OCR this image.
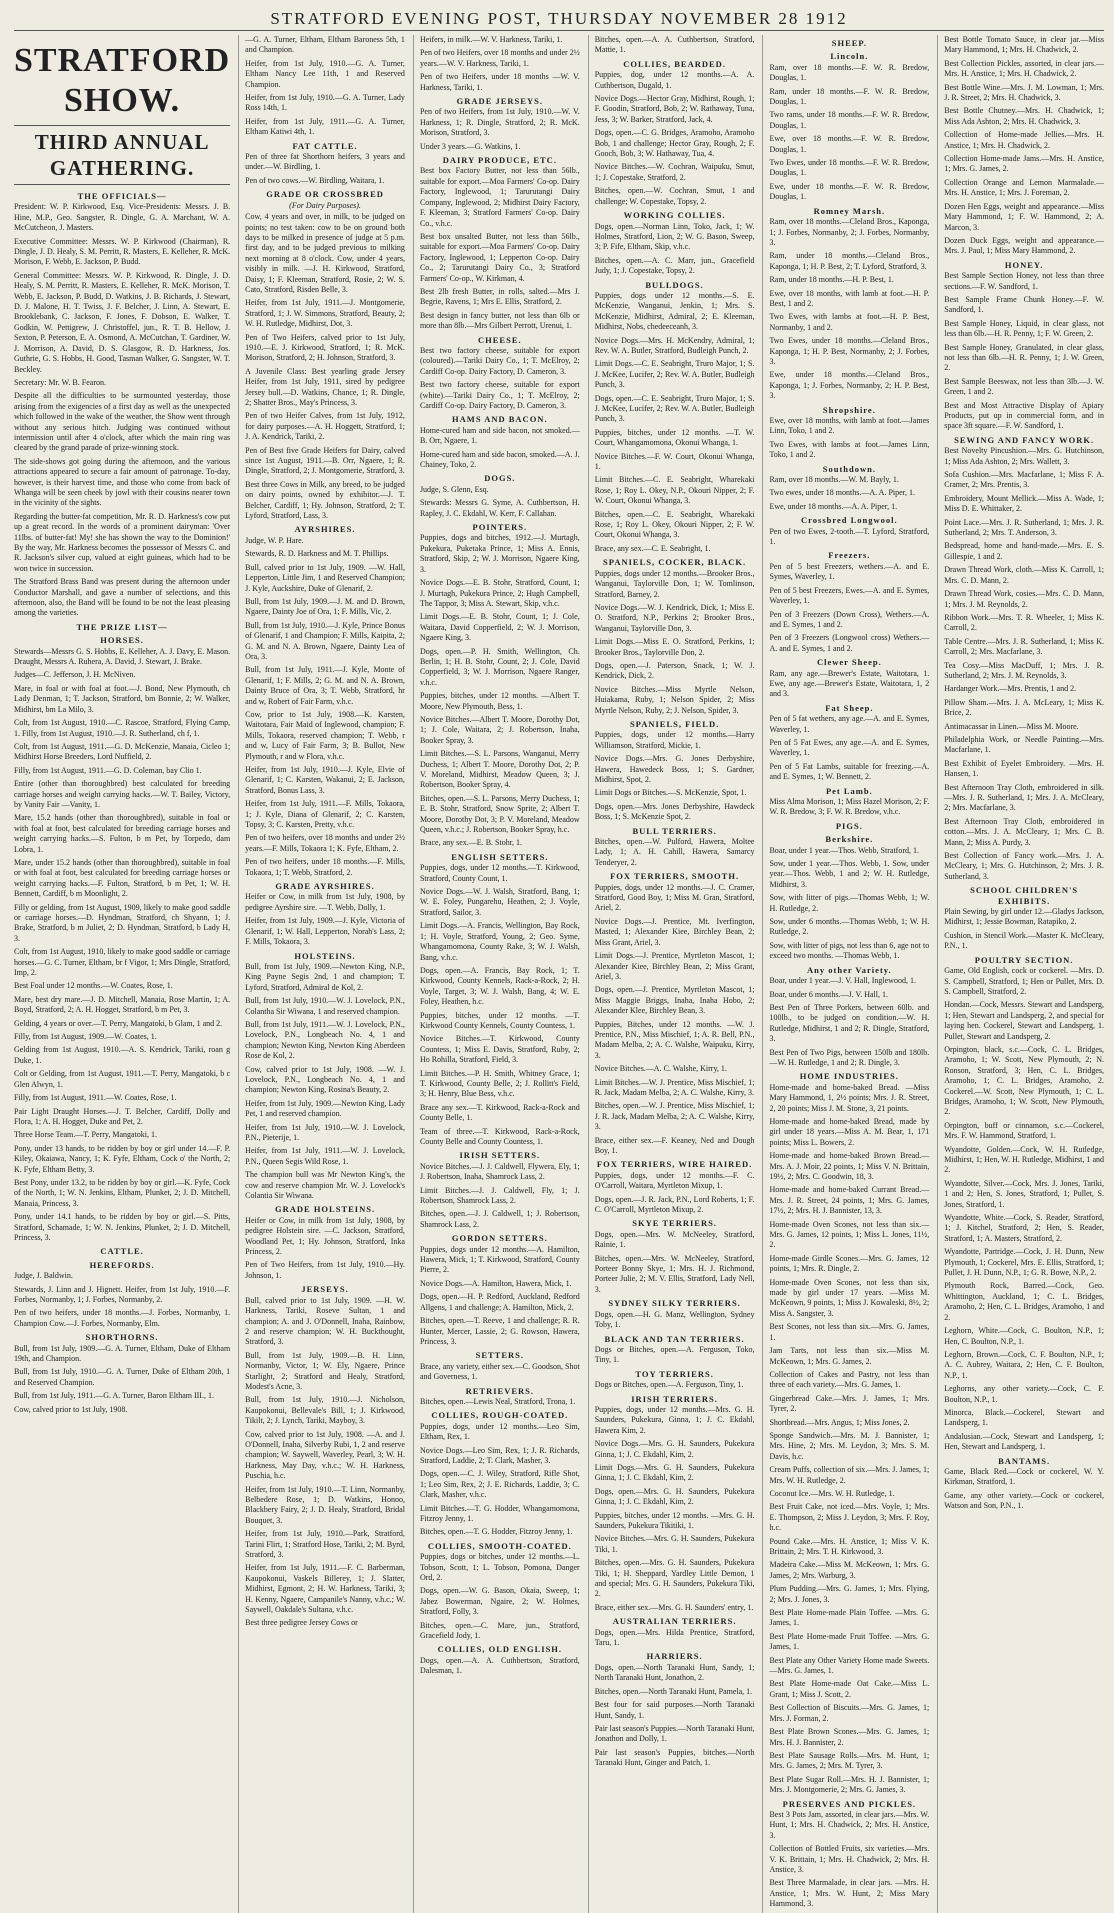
STRATFORD EVENING POST, THURSDAY NOVEMBER 28 1912
STRATFORD SHOW.
THIRD ANNUAL GATHERING.
THE OFFICIALS—
President: W. P. Kirkwood, Esq. Vice-Presidents: Messrs. J. B. Hine, M.P., Geo. Sangster, R. Dingle, G. A. Marchant, W. A. McCutcheon, J. Masters.
Executive Committee: Messrs. W. P. Kirkwood (Chairman), R. Dingle, J. D. Healy, S. M. Perritt, R. Masters, E. Kelleher, R. McK. Morison, F. Webb, E. Jackson, P. Budd.
General Committee: Messrs. W. P. Kirkwood, R. Dingle, J. D. Healy, S. M. Perritt, R. Masters, E. Kelleher, R. McK. Morison, T. Webb, E. Jackson, P. Budd, D. Watkins, J. B. Richards, J. Stewart, D. J. Malone, H. T. Twiss, J. F. Belcher, J. Linn, A. Stewart, E. Brooklebank, C. Jackson, F. Jones, F. Dobson, E. Walker, T. Godkin, W. Pettigrew, J. Christoffel, jun., R. T. B. Hellow, J. Sexton, P. Peterson, E. A. Osmond, A. McCutchan, T. Gardiner, W. J. Morrison, A. David, D. S. Glasgow, R. D. Harkness, Jos. Guthrie, G. S. Hobbs, H. Good, Tasman Walker, G. Sangster, W. T. Beckley.
Secretary: Mr. W. B. Fearon.
Despite all the difficulties to be surmounted yesterday, those arising from the exigencies of a first day as well as the unexpected which followed in the wake of the weather, the Show went through without any serious hitch. Judging was continued without intermission until after 4 o'clock, after which the main ring was cleared by the grand parade of prize-winning stock.
The side-shows got going during the afternoon, and the various attractions appeared to secure a fair amount of patronage. To-day, however, is their harvest time, and those who come from back of Whanga will be seen cheek by jowl with their cousins nearer town in the vicinity of the sights.
Regarding the butter-fat competition, Mr. R. D. Harkness's cow put up a great record. In the words of a prominent dairyman: 'Over 11lbs. of butter-fat! My! she has shown the way to the Dominion!' By the way, Mr. Harkness becomes the possessor of Messrs C. and R. Jackson's silver cup, valued at eight guineas, which had to be won twice in succession.
The Stratford Brass Band was present during the afternoon under Conductor Marshall, and gave a number of selections, and this afternoon, also, the Band will be found to be not the least pleasing among the varieties.
THE PRIZE LIST—
HORSES.
Stewards—Messrs G. S. Hobbs, E. Kelleher, A. J. Davy, E. Mason. Draught, Messrs A. Ruhera, A. David, J. Stewart, J. Brake.
Judges—C. Jefferson, J. H. McNiven.
Mare, in foal or with foal at foot.—J. Bond, New Plymouth, ch Lady Denman, 1; T. Jackson, Stratford, bm Bonnie, 2; W. Walker, Midhirst, bm La Milo, 3.
Colt, from 1st August, 1910.—C. Rascoe, Stratford, Flying Camp, 1. Filly, from 1st August, 1910.—J. R. Sutherland, ch f, 1.
Colt, from 1st August, 1911.—G. D. McKenzie, Manaia, Cicleo 1; Midhirst Horse Breeders, Lord Nuffield, 2.
Filly, from 1st August, 1911.—G. D. Coleman, bay Clio 1.
Entire (other than thoroughbred) best calculated for breeding carriage horses and weight carrying hacks.—W. T. Bailey, Victory, by Vanity Fair —Vanity, 1.
Mare, 15.2 hands (other than thoroughbred), suitable in foal or with foal at foot, best calculated for breeding carriage horses and weight carrying hacks.—S. Fulton, b m Pet, by Torpedo, dam Lobra, 1.
Mare, under 15.2 hands (other than thoroughbred), suitable in foal or with foal at foot, best calculated for breeding carriage horses or weight carrying hacks.—F. Fulton, Stratford, b m Pet, 1; W. H. Bennett, Cardiff, b m Moonlight, 2.
Filly or gelding, from 1st August, 1909, likely to make good saddle or carriage horses.—D. Hyndman, Stratford, ch Shyann, 1; J. Brake, Stratford, b m Juliet, 2; D. Hyndman, Stratford, b Lady H, 3.
Colt, from 1st August, 1910, likely to make good saddle or carriage horses.—G. C. Turner, Eltham, br f Vigor, 1; Mrs Dingle, Stratford, Imp, 2.
Best Foal under 12 months.—W. Coates, Rose, 1.
Mare, best dry mare.—J. D. Mitchell, Manaia, Rose Martin, 1; A. Boyd, Stratford, 2; A. H. Hogget, Stratford, b m Pet, 3.
Gelding, 4 years or over.—T. Perry, Mangatoki, b Glam, 1 and 2.
Filly, from 1st August, 1909.—W. Coates, 1.
Gelding from 1st August, 1910.—A. S. Kendrick, Tariki, roan g Duke, 1.
Colt or Gelding, from 1st August, 1911.—T. Perry, Mangatoki, b c Glen Alwyn, 1.
Filly, from 1st August, 1911.—W. Coates, Rose, 1.
Pair Light Draught Horses.—J. T. Belcher, Cardiff, Dolly and Flora, 1; A. H. Hogget, Duke and Pet, 2.
Three Horse Team.—T. Perry, Mangatoki, 1.
Pony, under 13 hands, to be ridden by boy or girl under 14.—F. P. Kiley, Okaiawa, Nancy, 1; K. Fyfe, Eltham, Cock o' the North, 2; K. Fyfe, Eltham Betty, 3.
Best Pony, under 13.2, to be ridden by boy or girl.—K. Fyfe, Cock of the North, 1; W. N. Jenkins, Eltham, Plunket, 2; J. D. Mitchell, Manaia, Princess, 3.
Pony, under 14.1 hands, to be ridden by boy or girl.—S. Pitts, Stratford, Schamade, 1; W. N. Jenkins, Plunket, 2; J. D. Mitchell, Princess, 3.
CATTLE.
HEREFORDS.
Judge, J. Baldwin.
Stewards, J. Linn and J. Hignett. Heifer, from 1st July, 1910.—F. Forbes, Normanby, 1; J. Forbes, Normanby, 2.
Pen of two heifers, under 18 months.—J. Forbes, Normanby, 1. Champion Cow.—J. Forbes, Normanby, Elm.
SHORTHORNS.
Bull, from 1st July, 1909.—G. A. Turner, Eltham, Duke of Eltham 19th, and Champion.
Bull, from 1st July, 1910.—G. A. Turner, Duke of Eltham 20th, 1 and Reserved Champion.
Bull, from 1st July, 1911.—G. A. Turner, Baron Eltham III., 1.
Cow, calved prior to 1st July, 1908.
—G. A. Turner, Eltham, Eltham Baroness 5th, 1 and Champion.
Heifer, from 1st July, 1910.—G. A. Turner, Eltham Nancy Lee 11th, 1 and Reserved Champion.
Heifer, from 1st July, 1910.—G. A. Turner, Lady Ross 14th, 1.
Heifer, from 1st July, 1911.—G. A. Turner, Eltham Katiwi 4th, 1.
FAT CATTLE.
Pen of three fat Shorthorn heifers, 3 years and under.—W. Birdling, 1.
Pen of two cows.—W. Birdling, Waitara, 1.
GRADE OR CROSSBRED
(For Dairy Purposes).
Cow, 4 years and over, in milk, to be judged on points; no test taken: cow to be on ground both days to be milked in presence of judge at 5 p.m. first day, and to be judged previous to milking next morning at 8 o'clock. Cow, under 4 years, visibly in milk. —J. H. Kirkwood, Stratford, Daisy, 1; F. Kleeman, Stratford, Rosie, 2; W. S. Cato, Stratford, Risden Belle, 3.
Heifer, from 1st July, 1911.—J. Montgomerie, Stratford, 1; J. W. Simmons, Stratford, Beauty, 2; W. H. Rutledge, Midhirst, Dot, 3.
Pen of Two Heifers, calved prior to 1st July, 1910.—E. J. Kirkwood, Stratford, 1; R. McK. Morison, Stratford, 2; H. Johnson, Stratford, 3.
A Juvenile Class: Best yearling grade Jersey Heifer, from 1st July, 1911, sired by pedigree Jersey bull.—D. Watkins, Chance, 1; R. Dingle, 2; Shatter Bros., May's Princess, 3.
Pen of two Heifer Calves, from 1st July, 1912, for dairy purposes.—A. H. Hoggett, Stratford, 1; J. A. Kendrick, Tariki, 2.
Pen of Best five Grade Heifers for Dairy, calved since 1st August, 1911.—B. Orr, Ngaere, 1; R. Dingle, Stratford, 2; J. Montgomerie, Stratford, 3.
Best three Cows in Milk, any breed, to be judged on dairy points, owned by exhibitor.—J. T. Belcher, Cardiff, 1; Hy. Johnson, Stratford, 2; T. Lyford, Stratford, Lass, 3.
AYRSHIRES.
Judge, W. P. Hare.
Stewards, R. D. Harkness and M. T. Phillips.
Bull, calved prior to 1st July, 1909. —W. Hall, Lepperton, Little Jim, 1 and Reserved Champion; J. Kyle, Auckshire, Duke of Glenarif, 2.
Bull, from 1st July, 1909.—J. M. and D. Brown, Ngaere, Dainty Joe of Ora, 1; F. Mills, Vic, 2.
Bull, from 1st July, 1910.—J. Kyle, Prince Bonus of Glenarif, 1 and Champion; F. Mills, Kaipita, 2; G. M. and N. A. Brown, Ngaere, Dainty Lea of Ora, 3.
Bull, from 1st July, 1911.—J. Kyle, Monte of Glenarif, 1; F. Mills, 2; G. M. and N. A. Brown, Dainty Bruce of Ora, 3; T. Webb, Stratford, hr and w, Robert of Fair Farm, v.h.c.
Cow, prior to 1st July, 1908.—K. Karsten, Waitotara, Fair Maid of Inglewood, champion; F. Mills, Tokaora, reserved champion; T. Webb, r and w, Lucy of Fair Farm, 3; B. Bullot, New Plymouth, r and w Flora, v.h.c.
Heifer, from 1st July, 1910.—J. Kyle, Elvie of Glenarif, 1; C. Karsten, Wakanui, 2; E. Jackson, Stratford, Bonus Lass, 3.
Heifer, from 1st July, 1911.—F. Mills, Tokaora, 1; J. Kyle, Diana of Glenarif, 2; C. Karsten, Topsy, 3; C. Karsten, Pretty, v.h.c.
Pen of two heifers, over 18 months and under 2½ years.—F. Mills, Tokaora 1; K. Fyfe, Eltham, 2.
Pen of two heifers, under 18 months.—F. Mills, Tokaora, 1; T. Webb, Stratford, 2.
GRADE AYRSHIRES.
Heifer or Cow, in milk from 1st July, 1908, by pedigree Ayrshire sire. —T. Webb, Dolly, 1.
Heifer, from 1st July, 1909.—J. Kyle, Victoria of Glenarif, 1; W. Hall, Lepperton, Norah's Lass, 2; F. Mills, Tokaora, 3.
HOLSTEINS.
Bull, from 1st July, 1909.—Newton King, N.P., King Payne Segis 2nd, 1 and champion; T. Lyford, Stratford, Admiral de Kol, 2.
Bull, from 1st July, 1910.—W. J. Lovelock, P.N., Colantha Sir Wiwana, 1 and reserved champion.
Bull, from 1st July, 1911.—W. J. Lovelock, P.N., Lovelock, P.N., Longbeach No. 4, 1 and champion; Newton King, Newton King Aberdeen Rose de Kol, 2.
Cow, calved prior to 1st July, 1908. —W. J. Lovelock, P.N., Longbeach No. 4, 1 and champion; Newton King, Rosina's Beauty, 2.
Heifer, from 1st July, 1909.—Newton King, Lady Pet, 1 and reserved champion.
Heifer, from 1st July, 1910.—W. J. Lovelock, P.N., Pieterije, 1.
Heifer, from 1st July, 1911.—W. J. Lovelock, P.N., Queen Segis Wild Rose, 1.
The champion bull was Mr Newton King's, the cow and reserve champion Mr. W. J. Lovelock's Colantia Sir Wiwana.
GRADE HOLSTEINS.
Heifer or Cow, in milk from 1st July, 1908, by pedigree Holstein sire. —C. Jackson, Stratford, Woodland Pet, 1; Hy. Johnson, Stratford, Inka Princess, 2.
Pen of Two Heifers, from 1st July, 1910.—Hy. Johnson, 1.
JERSEYS.
Bull, calved prior to 1st July, 1909. —H. W. Harkness, Tariki, Roseve Sultan, 1 and champion; A. and J. O'Donnell, Inaha, Rainbow, 2 and reserve champion; W. H. Buckthought, Stratford, 3.
Bull, from 1st July, 1909.—B. H. Linn, Normanby, Victor, 1; W. Ely, Ngaere, Prince Starlight, 2; Stratford and Healy, Stratford, Modest's Acne, 3.
Bull, from 1st July, 1910.—J. Nicholson, Kaupokonui, Bellevale's Bill, 1; J. Kirkwood, Tikilt, 2; J. Lynch, Tariki, Mayboy, 3.
Cow, calved prior to 1st July, 1908. —A. and J. O'Donnell, Inaha, Silverby Rubi, 1, 2 and reserve champion; W. Saywell, Waverley, Pearl, 3; W. H. Harkness, May Day, v.h.c.; W. H. Harkness, Puschia, h.c.
Heifer, from 1st July, 1910.—T. Linn, Normanby, Belbedere Rose, 1; D. Watkins, Honoo, Blackbery Fairy, 2; J. D. Healy, Stratford, Bridal Bouquet, 3.
Heifer, from 1st July, 1910.—Park, Stratford, Tarini Flirt, 1; Stratford Hose, Tariki, 2; M. Byrd, Stratford, 3.
Heifer, from 1st July, 1911.—F. C. Barberman, Kaupokonui, Vaskels Billerey, 1; J. Slatter, Midhirst, Egmont, 2; H. W. Harkness, Tariki, 3; H. Kenny, Ngaere, Campanile's Nanny, v.h.c.; W. Saywell, Oakdale's Sultana, v.h.c.
Best three pedigree Jersey Cows or
Heifers, in milk.—W. V. Harkness, Tariki, 1.
Pen of two Heifers, over 18 months and under 2½ years.—W. V. Harkness, Tariki, 1.
Pen of two Heifers, under 18 months —W. V. Harkness, Tariki, 1.
GRADE JERSEYS.
Pen of two Heifers, from 1st July, 1910.—W. V. Harkness, 1; R. Dingle, Stratford, 2; R. McK. Morison, Stratford, 3.
Under 3 years.—G. Watkins, 1.
DAIRY PRODUCE, ETC.
Best box Factory Butter, not less than 56lb., suitable for export.—Moa Farmers' Co-op. Dairy Factory, Inglewood, 1; Tarurutangi Dairy Company, Inglewood, 2; Midhirst Dairy Factory, F. Kleeman, 3; Stratford Farmers' Co-op. Dairy Co., v.h.c.
Best box unsalted Butter, not less than 56lb., suitable for export.—Moa Farmers' Co-op. Dairy Factory, Inglewood, 1; Lepperton Co-op. Dairy Co., 2; Tarurutangi Dairy Co., 3; Stratford Farmers' Co-op., W. Kirkman, 4.
Best 2lb fresh Butter, in rolls, salted.—Mrs J. Begrie, Ravens, 1; Mrs E. Ellis, Stratford, 2.
Best design in fancy butter, not less than 6lb or more than 8lb.—Mrs Gilbert Perrott, Urenui, 1.
CHEESE.
Best two factory cheese, suitable for export (coloured).—Tariki Dairy Co., 1; T. McElroy, 2; Cardiff Co-op. Dairy Factory, D. Cameron, 3.
Best two factory cheese, suitable for export (white).—Tariki Dairy Co., 1; T. McElroy, 2; Cardiff Co-op. Dairy Factory, D. Cameron, 3.
HAMS AND BACON.
Home-cured ham and side bacon, not smoked.—B. Orr, Ngaere, 1.
Home-cured ham and side bacon, smoked.—A. J. Chainey, Toko, 2.
DOGS.
Judge, S. Glenn, Esq.
Stewards: Messrs G. Syme, A. Cuthbertson, H. Rapley, J. C. Ekdahl, W. Kerr, F. Callahan.
POINTERS.
Puppies, dogs and bitches, 1912.—J. Murtagh, Pukekura, Puketaka Prince, 1; Miss A. Ennis, Stratford, Skip, 2; W. J. Morrison, Ngaere King, 3.
Novice Dogs.—E. B. Stohr, Stratford, Count, 1; J. Murtagh, Pukekura Prince, 2; Hugh Campbell, The Tappor, 3; Miss A. Stewart, Skip, v.h.c.
Limit Dogs.—E. B. Stohr, Count, 1; J. Cole, Waitara, David Copperfield, 2; W. J. Morrison, Ngaere King, 3.
Dogs, open.—P. H. Smith, Wellington, Ch. Berlin, 1; H. B. Stohr, Count, 2; J. Cole, David Copperfield, 3; W. J. Morrison, Ngaere Ranger, v.h.c.
Puppies, bitches, under 12 months. —Albert T. Moore, New Plymouth, Bess, 1.
Novice Bitches.—Albert T. Moore, Dorothy Dot, 1; J. Cole, Waitara, 2; J. Robertson, Inaha, Booker Spray, 3.
Limit Bitches.—S. L. Parsons, Wanganui, Merry Duchess, 1; Albert T. Moore, Dorothy Dot, 2; P. V. Moreland, Midhirst, Meadow Queen, 3; J. Robertson, Booker Spray, 4.
Bitches, open.—S. L. Parsons, Merry Duchess, 1; E. B. Stohr, Stratford, Snow Sprite, 2; Albert T. Moore, Dorothy Dot, 3; P. V. Moreland, Meadow Queen, v.h.c.; J. Robertson, Booker Spray, h.c.
Brace, any sex.—E. B. Stohr, 1.
ENGLISH SETTERS.
Puppies, dogs, under 12 months.—T. Kirkwood, Stratford, County Count, 1.
Novice Dogs.—W. J. Walsh, Stratford, Bang, 1; W. E. Foley, Pungarehu, Heathen, 2; J. Voyle, Stratford, Sailor, 3.
Limit Dogs.—A. Francis, Wellington, Bay Rock, 1; H. Voyle, Stratford, Young, 2; Geo. Syme, Whangamomona, County Rake, 3; W. J. Walsh, Bang, v.h.c.
Dogs, open.—A. Francis, Bay Rock, 1; T. Kirkwood, County Kennels, Rack-a-Rock, 2; H. Voyle, Target, 3; W. J. Walsh, Bang, 4; W. E. Foley, Heathen, h.c.
Puppies, bitches, under 12 months. —T. Kirkwood County Kennels, County Countess, 1.
Novice Bitches.—T. Kirkwood, County Countess, 1; Miss E. Davis, Stratford, Ruby, 2; Ho Rohilla, Stratford, Field, 3.
Limit Bitches.—P. H. Smith, Whitney Grace, 1; T. Kirkwood, County Belle, 2; J. Rollitt's Field, 3; H. Henry, Blue Bess, v.h.c.
Brace any sex.—T. Kirkwood, Rack-a-Rock and County Belle, 1.
Team of three.—T. Kirkwood, Rack-a-Rock, County Belle and County Countess, 1.
IRISH SETTERS.
Novice Bitches.—J. J. Caldwell, Flywera, Ely, 1; J. Robertson, Inaha, Shamrock Lass, 2.
Limit Bitches.—J. J. Caldwell, Fly, 1; J. Robertson, Shamrock Lass, 2.
Bitches, open.—J. J. Caldwell, 1; J. Robertson, Shamrock Lass, 2.
GORDON SETTERS.
Puppies, dogs under 12 months.—A. Hamilton, Hawera, Mick, 1; T. Kirkwood, Stratford, County Pierre, 2.
Novice Dogs.—A. Hamilton, Hawera, Mick, 1.
Dogs, open.—H. P. Redford, Auckland, Redford Allgens, 1 and challenge; A. Hamilton, Mick, 2.
Bitches, open.—T. Reeve, 1 and challenge; R. R. Hunter, Mercer, Lassie, 2; G. Rowson, Hawera, Princess, 3.
SETTERS.
Brace, any variety, either sex.—C. Goodson, Shot and Governess, 1.
RETRIEVERS.
Bitches, open.—Lewis Neal, Stratford, Trona, 1.
COLLIES, ROUGH-COATED.
Puppies, dogs, under 12 months.—Leo Sim, Eltham, Rex, 1.
Novice Dogs.—Leo Sim, Rex, 1; J. R. Richards, Stratford, Laddie, 2; T. Clark, Masher, 3.
Dogs, open.—C. J. Wiley, Stratford, Rifle Shot, 1; Leo Sim, Rex, 2; J. E. Richards, Laddie, 3; C. Clark, Masher, v.h.c.
Limit Bitches.—T. G. Hodder, Whangamomona, Fitzroy Jenny, 1.
Bitches, open.—T. G. Hodder, Fitzroy Jenny, 1.
COLLIES, SMOOTH-COATED.
Puppies, dogs or bitches, under 12 months.—L. Tobson, Scott, 1; L. Tobson, Pomona, Danger Ord, 2.
Dogs, open.—W. G. Bason, Okaia, Sweep, 1; Jabez Bowerman, Ngaire, 2; W. Holmes, Stratford, Folly, 3.
Bitches, open.—C. Mare, jun., Stratford, Gracefield Jody, 1.
COLLIES, OLD ENGLISH.
Dogs, open.—A. A. Cuthbertson, Stratford, Dalesman, 1.
Bitches, open.—A. A. Cuthbertson, Stratford, Mattie, 1.
COLLIES, BEARDED.
Puppies, dog, under 12 months.—A. A. Cuthbertson, Dugald, 1.
Novice Dogs.—Hector Gray, Midhirst, Rough, 1; F. Goodin, Stratford, Bob, 2; W. Rathaway, Tuna, Jess, 3; W. Barker, Stratford, Jack, 4.
Dogs, open.—C. G. Bridges, Aramoho, Aramoho Bob, 1 and challenge; Hector Gray, Rough, 2; F. Gooch, Bob, 3; W. Hathaway, Tua, 4.
Novice Bitches.—W. Cochran, Waipuku, Smut, 1; J. Copestake, Stratford, 2.
Bitches, open.—W. Cochran, Smut, 1 and challenge; W. Copestake, Topsy, 2.
WORKING COLLIES.
Dogs, open.—Norman Linn, Toko, Jack, 1; W. Holmes, Stratford, Lion, 2; W. G. Bason, Sweep, 3; P. Fife, Eltham, Skip, v.h.c.
Bitches, open.—A. C. Marr, jun., Gracefield Judy, 1; J. Copestake, Topsy, 2.
BULLDOGS.
Puppies, dogs under 12 months.—S. E. McKenzie, Wanganui, Jenkin, 1; Mrs. S. McKenzie, Midhirst, Admiral, 2; E. Kleeman, Midhirst, Nobs, chedeeceanh, 3.
Novice Dogs.—Mrs. H. McKendry, Admiral, 1; Rev. W. A. Butler, Stratford, Budleigh Punch, 2.
Limit Dogs.—C. E. Seabright, Truro Major, 1; S. J. McKee, Lucifer, 2; Rev. W. A. Butler, Budleigh Punch, 3.
Dogs, open.—C. E. Seabright, Truro Major, 1; S. J. McKee, Lucifer, 2; Rev. W. A. Butler, Budleigh Punch, 3.
Puppies, bitches, under 12 months. —T. W. Court, Whangamomona, Okonui Whanga, 1.
Novice Bitches.—F. W. Court, Okonui Whanga, 1.
Limit Bitches.—C. E. Seabright, Wharekaki Rose, 1; Roy L. Okey, N.P., Okouri Nipper, 2; F. W. Court, Okonui Whanga, 3.
Bitches, open.—C. E. Seabright, Wharekaki Rose, 1; Roy L. Okey, Okouri Nipper, 2; F. W. Court, Okonui Whanga, 3.
Brace, any sex.—C. E. Seabright, 1.
SPANIELS, COCKER, BLACK.
Puppies, dogs under 12 months.—Brooker Bros., Wanganui, Taylorville Don, 1; W. Tomlinson, Stratford, Barney, 2.
Novice Dogs.—W. J. Kendrick, Dick, 1; Miss E. O. Stratford, N.P., Perkins 2; Brooker Bros., Wanganui, Taylorville Don, 3.
Limit Dogs.—Miss E. O. Stratford, Perkins, 1; Brooker Bros., Taylorville Don, 2.
Dogs, open.—J. Paterson, Snack, 1; W. J. Kendrick, Dick, 2.
Novice Bitches.—Miss Myrtle Nelson, Huiakama, Ruby, 1; Nelson Spider, 2; Miss Myrtle Nelson, Ruby, 2; J. Nelson, Spider, 3.
SPANIELS, FIELD.
Puppies, dogs, under 12 months.—Harry Williamson, Stratford, Mickie, 1.
Novice Dogs.—Mrs. G. Jones Derbyshire, Hawera, Hawedeck Boss, 1; S. Gardner, Midhirst, Spot, 2.
Limit Dogs or Bitches.—S. McKenzie, Spot, 1.
Dogs, open.—Mrs. Jones Derbyshire, Hawdeck Boss, 1; S. McKenzie Spot, 2.
BULL TERRIERS.
Bitches, open.—W. Pulford, Hawera, Moltee Lady, 1; A. H. Cahill, Hawera, Samarcy Tenderyer, 2.
FOX TERRIERS, SMOOTH.
Puppies, dogs, under 12 months.—J. C. Cramer, Stratford, Good Boy, 1; Miss M. Gran, Stratford, Ariel, 2.
Novice Dogs.—J. Prentice, Mt. Iverfington, Masted, 1; Alexander Kiee, Birchley Bean, 2; Miss Grant, Ariel, 3.
Limit Dogs.—J. Prentice, Myrtleton Mascot, 1; Alexander Kiee, Birchley Bean, 2; Miss Grant, Ariel, 3.
Dogs, open.—J. Prentice, Myrtleton Mascot, 1; Miss Maggie Briggs, Inaha, Inaha Hobo, 2; Alexander Klee, Birchley Bean, 3.
Puppies, Bitches, under 12 months. —W. J. Prentice, P.N., Miss Mischief, 1; A. R. Bell, P.N., Madam Melba, 2; A. C. Walshe, Waipuku, Kirry, 3.
Novice Bitches.—A. C. Walshe, Kirry, 1.
Limit Bitches.—W. J. Prentice, Miss Mischief, 1; R. Jack, Madam Melba, 2; A. C. Walshe, Kirry, 3.
Bitches, open.—W. J. Prentice, Miss Mischief, 1; J. R. Jack, Madam Melba, 2; A. C. Walshe, Kirry, 3.
Brace, either sex.—F. Keaney, Ned and Dough Boy, 1.
FOX TERRIERS, WIRE HAIRED.
Puppies, dogs, under 12 months.—F. C. O'Carroll, Waitara, Myrtleton Mixup, 1.
Dogs, open.—J. R. Jack, P.N., Lord Roberts, 1; F. C. O'Carroll, Myrtleton Mixup, 2.
SKYE TERRIERS.
Dogs, open.—Mrs. W. McNeeley, Stratford, Rainie, 1.
Bitches, open.—Mrs. W. McNeeley, Stratford, Porteer Bonny Skye, 1; Mrs. H. J. Richmond, Porteer Julie, 2; M. V. Ellis, Stratford, Lady Nell, 3.
SYDNEY SILKY TERRIERS.
Dogs, open.—H. G. Manz, Wellington, Sydney Toby, 1.
BLACK AND TAN TERRIERS.
Dogs or Bitches, open.—A. Ferguson, Toko, Tiny, 1.
TOY TERRIERS.
Dogs or Bitches, open.—A. Ferguson, Tiny, 1.
IRISH TERRIERS.
Puppies, dogs, under 12 months.—Mrs. G. H. Saunders, Pukekura, Ginna, 1; J. C. Ekdahl, Hawera Kim, 2.
Novice Dogs.—Mrs. G. H. Saunders, Pukekura Ginna, 1; J. C. Ekdahl, Kim, 2.
Limit Dogs.—Mrs. G. H. Saunders, Pukekura Ginna, 1; J. C. Ekdahl, Kim, 2.
Dogs, open.—Mrs. G. H. Saunders, Pukekura Ginna, 1; J. C. Ekdahl, Kim, 2.
Puppies, bitches, under 12 months. —Mrs. G. H. Saunders, Pukekura Tikitiki, 1.
Novice Bitches.—Mrs. G. H. Saunders, Pukekura Tiki, 1.
Bitches, open.—Mrs. G. H. Saunders, Pukekura Tiki, 1; H. Sheppard, Yardley Little Demon, 1 and special; Mrs. G. H. Saunders, Pukekura Tiki, 2.
Brace, either sex.—Mrs. G. H. Saunders' entry, 1.
AUSTRALIAN TERRIERS.
Dogs, open.—Mrs. Hilda Prentice, Stratford, Taru, 1.
HARRIERS.
Dogs, open.—North Taranaki Hunt, Sandy, 1; North Taranaki Hunt, Jonathon, 2.
Bitches, open.—North Taranaki Hunt, Pamela, 1.
Best four for said purposes.—North Taranaki Hunt, Sandy, 1.
Pair last season's Puppies.—North Taranaki Hunt, Jonathon and Dolly, 1.
Pair last season's Puppies, bitches.—North Taranaki Hunt, Ginger and Patch, 1.
SHEEP.
Lincoln.
Ram, over 18 months.—F. W. R. Bredow, Douglas, 1.
Ram, under 18 months.—F. W. R. Bredow, Douglas, 1.
Two rams, under 18 months.—F. W. R. Bredow, Douglas, 1.
Ewe, over 18 months.—F. W. R. Bredow, Douglas, 1.
Two Ewes, under 18 months.—F. W. R. Bredow, Douglas, 1.
Ewe, under 18 months.—F. W. R. Bredow, Douglas, 1.
Romney Marsh.
Ram, over 18 months.—Cleland Bros., Kaponga, 1; J. Forbes, Normanby, 2; J. Forbes, Normanby, 3.
Ram, under 18 months.—Cleland Bros., Kaponga, 1; H. P. Best, 2; T. Lyford, Stratford, 3.
Ram, under 18 months.—H. P. Best, 1.
Ewe, over 18 months, with lamb at foot.—H. P. Best, 1 and 2.
Two Ewes, with lambs at foot.—H. P. Best, Normanby, 1 and 2.
Two Ewes, under 18 months.—Cleland Bros., Kaponga, 1; H. P. Best, Normanby, 2; J. Forbes, 3.
Ewe, under 18 months.—Cleland Bros., Kaponga, 1; J. Forbes, Normanby, 2; H. P. Best, 3.
Shropshire.
Ewe, over 18 months, with lamb at foot.—James Linn, Toko, 1 and 2.
Two Ewes, with lambs at foot.—James Linn, Toko, 1 and 2.
Southdown.
Ram, over 18 months.—W. M. Bayly, 1.
Two ewes, under 18 months.—A. A. Piper, 1.
Ewe, under 18 months.—A. A. Piper, 1.
Crossbred Longwool.
Pen of two Ewes, 2-tooth.—T. Lyford, Stratford, 1.
Freezers.
Pen of 5 best Freezers, wethers.—A. and E. Symes, Waverley, 1.
Pen of 5 best Freezers, Ewes.—A. and E. Symes, Waverley, 1.
Pen of 3 Freezers (Down Cross), Wethers.—A. and E. Symes, 1 and 2.
Pen of 3 Freezers (Longwool cross) Wethers.—A. and E. Symes, 1 and 2.
Clewer Sheep.
Ram, any age.—Brewer's Estate, Waitotara, 1. Ewe, any age.—Brewer's Estate, Waitotara, 1, 2 and 3.
Fat Sheep.
Pen of 5 fat wethers, any age.—A. and E. Symes, Waverley, 1.
Pen of 5 Fat Ewes, any age.—A. and E. Symes, Waverley, 1.
Pen of 5 Fat Lambs, suitable for freezing.—A. and E. Symes, 1; W. Bennett, 2.
Pet Lamb.
Miss Alma Morison, 1; Miss Hazel Morison, 2; F. W. R. Bredow, 3; F. W. R. Bredow, v.h.c.
PIGS.
Berkshire.
Boar, under 1 year.—Thos. Webb, Stratford, 1.
Sow, under 1 year.—Thos. Webb, 1. Sow, under year.—Thos. Webb, 1 and 2; W. H. Rutledge, Midhirst, 3.
Sow, with litter of pigs.—Thomas Webb, 1; W. H. Rutledge, 2.
Sow, under 6 months.—Thomas Webb, 1; W. H. Rutledge, 2.
Sow, with litter of pigs, not less than 6, age not to exceed two months. —Thomas Webb, 1.
Any other Variety.
Boar, under 1 year.—J. V. Hall, Inglewood, 1.
Boar, under 6 months.—J. V. Hall, 1.
Best Pen of Three Porkers, between 60lb. and 100lb., to be judged on condition.—W. H. Rutledge, Midhirst, 1 and 2; R. Dingle, Stratford, 3.
Best Pen of Two Pigs, between 150lb and 180lb.—W. H. Rutledge, 1 and 2; R. Dingle, 3.
HOME INDUSTRIES.
Home-made and home-baked Bread. —Miss Mary Hammond, 1, 2½ points; Mrs. J. R. Street, 2, 20 points; Miss J. M. Stone, 3, 21 points.
Home-made and home-baked Bread, made by girl under 18 years.—Miss A. M. Bear, 1, 171 points; Miss L. Bowers, 2.
Home-made and home-baked Brown Bread.—Mrs. A. J. Moir, 22 points, 1; Miss V. N. Brittain, 19½, 2; Mrs. C. Goodwin, 18, 3.
Home-made and home-baked Currant Bread.—Mrs. J. R. Street, 24 points, 1; Mrs. G. James, 17½, 2; Mrs. H. J. Bannister, 13, 3.
Home-made Oven Scones, not less than six.—Mrs. G. James, 12 points, 1; Miss L. Jones, 11½, 2.
Home-made Girdle Scones.—Mrs. G. James, 12 points, 1; Mrs. R. Dingle, 2.
Home-made Oven Scones, not less than six, made by girl under 17 years. —Miss M. McKeown, 9 points, 1; Miss J. Kowaleski, 8½, 2; Miss A. Sangster, 3.
Best Scones, not less than six.—Mrs. G. James, 1.
Jam Tarts, not less than six.—Miss M. McKeown, 1; Mrs. G. James, 2.
Collection of Cakes and Pastry, not less than three of each variety.—Mrs. G. James, 1.
Gingerbread Cake.—Mrs. J. James, 1; Mrs. Tyrer, 2.
Shortbread.—Mrs. Angus, 1; Miss Jones, 2.
Sponge Sandwich.—Mrs. M. J. Bannister, 1; Mrs. Hine, 2; Mrs. M. Leydon, 3; Mrs. S. M. Davis, h.c.
Cream Puffs, collection of six.—Mrs. J. James, 1; Mrs. W. H. Rutledge, 2.
Coconut Ice.—Mrs. W. H. Rutledge, 1.
Best Fruit Cake, not iced.—Mrs. Voyle, 1; Mrs. E. Thompson, 2; Miss J. Leydon, 3; Mrs. F. Roy, h.c.
Pound Cake.—Mrs. H. Anstice, 1; Miss V. K. Brittain, 2; Mrs. T. H. Kirkwood, 3.
Madeira Cake.—Miss M. McKeown, 1; Mrs. G. James, 2; Mrs. Warburg, 3.
Plum Pudding.—Mrs. G. James, 1; Mrs. Flying, 2; Mrs. J. Jones, 3.
Best Plate Home-made Plain Toffee. —Mrs. G. James, 1.
Best Plate Home-made Fruit Toffee. —Mrs. G. James, 1.
Best Plate any Other Variety Home made Sweets.—Mrs. G. James, 1.
Best Plate Home-made Oat Cake.—Miss L. Grant, 1; Miss J. Scott, 2.
Best Collection of Biscuits.—Mrs. G. James, 1; Mrs. J. Forman, 2.
Best Plate Brown Scones.—Mrs. G. James, 1; Mrs. H. J. Bannister, 2.
Best Plate Sausage Rolls.—Mrs. M. Hunt, 1; Mrs. G. James, 2; Mrs. M. Tyrer, 3.
Best Plate Sugar Roll.—Mrs. H. J. Bannister, 1; Mrs. J. Montgomerie, 2; Mrs. G. James, 3.
PRESERVES AND PICKLES.
Best 3 Pots Jam, assorted, in clear jars.—Mrs. W. Hunt, 1; Mrs. H. Chadwick, 2; Mrs. H. Anstice, 3.
Collection of Bottled Fruits, six varieties.—Mrs. V. K. Brittain, 1; Mrs. H. Chadwick, 2; Mrs. H. Anstice, 3.
Best Three Marmalade, in clear jars. —Mrs. H. Anstice, 1; Mrs. W. Hunt, 2; Miss Mary Hammond, 3.
Best Bottle Tomato Sauce, in clear jar.—Miss Mary Hammond, 1; Mrs. H. Chadwick, 2.
Best Collection Pickles, assorted, in clear jars.—Mrs. H. Anstice, 1; Mrs. H. Chadwick, 2.
Best Bottle Wine.—Mrs. J. M. Lowman, 1; Mrs. J. R. Street, 2; Mrs. H. Chadwick, 3.
Best Bottle Chutney.—Mrs. H. Chadwick, 1; Miss Ada Ashton, 2; Mrs. H. Chadwick, 3.
Collection of Home-made Jellies.—Mrs. H. Anstice, 1; Mrs. H. Chadwick, 2.
Collection Home-made Jams.—Mrs. H. Anstice, 1; Mrs. G. James, 2.
Collection Orange and Lemon Marmalade.—Mrs. H. Anstice, 1; Mrs. J. Foreman, 2.
Dozen Hen Eggs, weight and appearance.—Miss Mary Hammond, 1; F. W. Hammond, 2; A. Marcon, 3.
Dozen Duck Eggs, weight and appearance.—Mrs. J. Paul, 1; Miss Mary Hammond, 2.
HONEY.
Best Sample Section Honey, not less than three sections.—F. W. Sandford, 1.
Best Sample Frame Chunk Honey.—F. W. Sandford, 1.
Best Sample Honey, Liquid, in clear glass, not less than 6lb.—H. R. Penny, 1; F. W. Green, 2.
Best Sample Honey, Granulated, in clear glass, not less than 6lb.—H. R. Penny, 1; J. W. Green, 2.
Best Sample Beeswax, not less than 3lb.—J. W. Green, 1 and 2.
Best and Most Attractive Display of Apiary Products, put up in commercial form, and in space 3ft square.—F. W. Sandford, 1.
SEWING AND FANCY WORK.
Best Novelty Pincushion.—Mrs. G. Hutchinson, 1; Miss Ada Ashton, 2; Mrs. Wallett, 3.
Sofa Cushion.—Mrs. Macfarlane, 1; Miss F. A. Cramer, 2; Mrs. Prentis, 3.
Embroidery, Mount Mellick.—Miss A. Wade, 1; Miss D. E. Whittaker, 2.
Point Lace.—Mrs. J. R. Sutherland, 1; Mrs. J. R. Sutherland, 2; Mrs. T. Anderson, 3.
Bedspread, home and hand-made.—Mrs. E. S. Gillespie, 1 and 2.
Drawn Thread Work, cloth.—Miss K. Carroll, 1; Mrs. C. D. Mann, 2.
Drawn Thread Work, cosies.—Mrs. C. D. Mann, 1; Mrs. J. M. Reynolds, 2.
Ribbon Work.—Mrs. T. R. Wheeler, 1; Miss K. Carroll, 2.
Table Centre.—Mrs. J. R. Sutherland, 1; Miss K. Carroll, 2; Mrs. Macfarlane, 3.
Tea Cosy.—Miss MacDuff, 1; Mrs. J. R. Sutherland, 2; Mrs. J. M. Reynolds, 3.
Hardanger Work.—Mrs. Prentis, 1 and 2.
Pillow Sham.—Mrs. J. A. McLeary, 1; Miss K. Brice, 2.
Antimacassar in Linen.—Miss M. Moore.
Philadelphia Work, or Needle Painting.—Mrs. Macfarlane, 1.
Best Exhibit of Eyelet Embroidery. —Mrs. H. Hansen, 1.
Best Afternoon Tray Cloth, embroidered in silk.—Mrs. J. R. Sutherland, 1; Mrs. J. A. McCleary, 2; Mrs. Macfarlane, 3.
Best Afternoon Tray Cloth, embroidered in cotton.—Mrs. J. A. McCleary, 1; Mrs. C. B. Mann, 2; Miss A. Purdy, 3.
Best Collection of Fancy work.—Mrs. J. A. McCleary, 1; Mrs. G. Hutchinson, 2; Mrs. J. R. Sutherland, 3.
SCHOOL CHILDREN'S EXHIBITS.
Plain Sewing, by girl under 12.—Gladys Jackson, Midhirst, 1; Jessie Bowman, Ratapiko, 2.
Cushion, in Stencil Work.—Master K. McCleary, P.N., 1.
POULTRY SECTION.
Game, Old English, cock or cockerel. —Mrs. D. S. Campbell, Stratford, 1; Hen or Pullet, Mrs. D. S. Campbell, Stratford, 2.
Hondan.—Cock, Messrs. Stewart and Landsperg, 1; Hen, Stewart and Landsperg, 2, and special for laying hen. Cockerel, Stewart and Landsperg, 1. Pullet, Stewart and Landsperg, 2.
Orpington, black, s.c.—Cock, C. L. Bridges, Aramoho, 1; W. Scott, New Plymouth, 2; N. Ronson, Stratford, 3; Hen, C. L. Bridges, Aramoho, 1; C. L. Bridges, Aramoho, 2. Cockerel.—W. Scott, New Plymouth, 1; C. L. Bridges, Aramoho, 1; W. Scott, New Plymouth, 2.
Orpington, buff or cinnamon, s.c.—Cockerel, Mrs. F. W. Hammond, Stratford, 1.
Wyandotte, Golden.—Cock, W. H. Rutledge, Midhirst, 1; Hen, W. H. Rutledge, Midhirst, 1 and 2.
Wyandotte, Silver.—Cock, Mrs. J. Jones, Tariki, 1 and 2; Hen, S. Jones, Stratford, 1; Pullet, S. Jones, Stratford, 1.
Wyandotte, White.—Cock, S. Reader, Stratford, 1; J. Kitchel, Stratford, 2; Hen, S. Reader, Stratford, 1; A. Masters, Stratford, 2.
Wyandotte, Partridge.—Cock, J. H. Dunn, New Plymouth, 1; Cockerel, Mrs. E. Ellis, Stratford, 1; Pullet, J. H. Dunn, N.P., 1; G. R. Bowe, N.P., 2.
Plymouth Rock, Barred.—Cock, Geo. Whittington, Auckland, 1; C. L. Bridges, Aramoho, 2; Hen, C. L. Bridges, Aramoho, 1 and 2.
Leghorn, White.—Cock, C. Boulton, N.P., 1; Hen, C. Boulton, N.P., 1.
Leghorn, Brown.—Cock, C. F. Boulton, N.P., 1; A. C. Aubrey, Waitara, 2; Hen, C. F. Boulton, N.P., 1.
Leghorns, any other variety.—Cock, C. F. Boulton, N.P., 1.
Minorca, Black.—Cockerel, Stewart and Landsperg, 1.
Andalusian.—Cock, Stewart and Landsperg, 1; Hen, Stewart and Landsperg, 1.
BANTAMS.
Game, Black Red.—Cock or cockerel, W. Y. Kirkman, Stratford, 1.
Game, any other variety.—Cock or cockerel, Watson and Son, P.N., 1.
